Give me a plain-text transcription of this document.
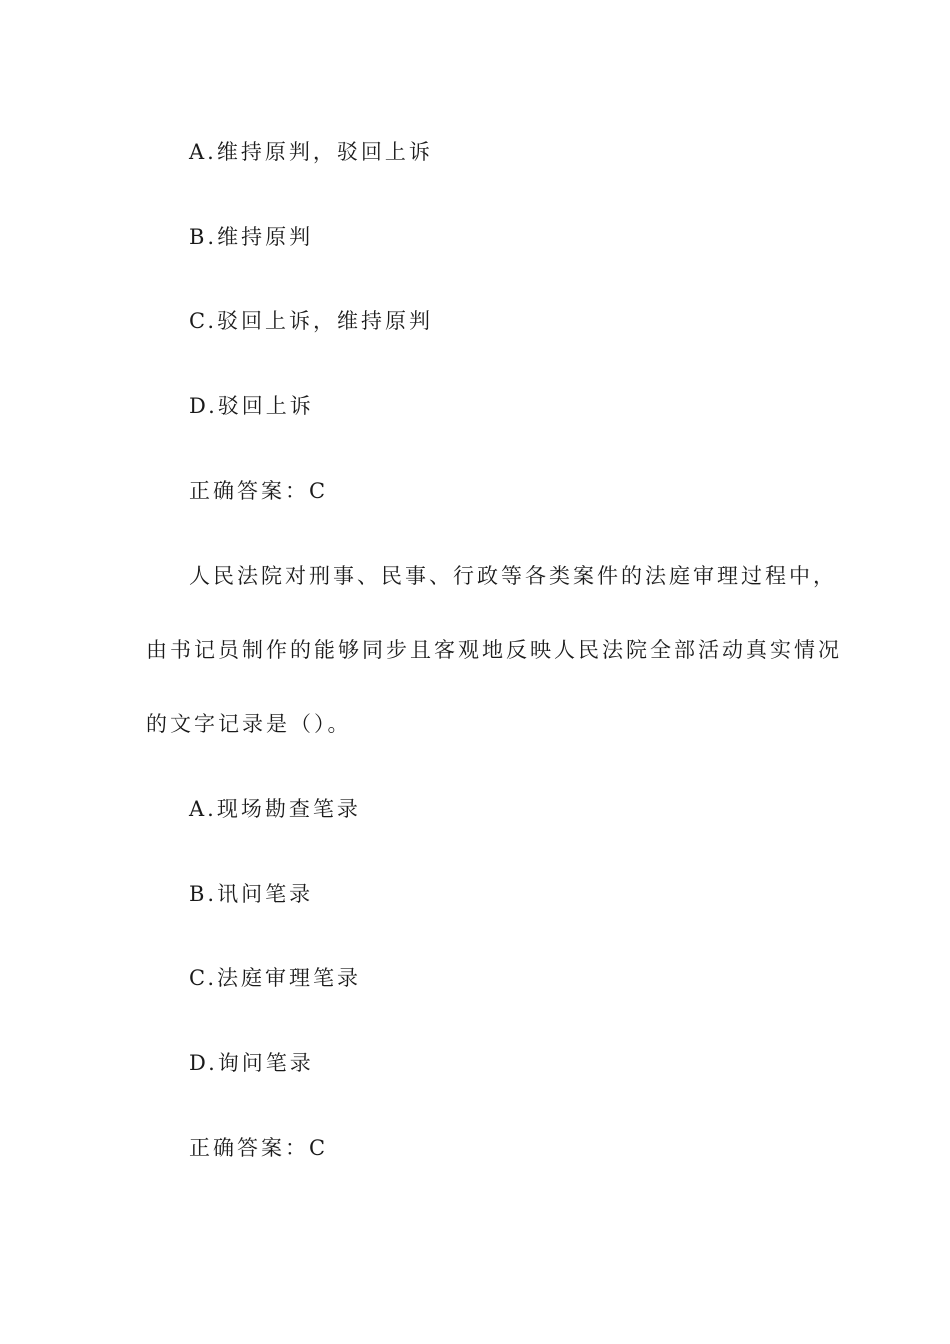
A.维持原判，驳回上诉
B.维持原判
C.驳回上诉，维持原判
D.驳回上诉
正确答案：C
人民法院对刑事、民事、行政等各类案件的法庭审理过程中，
由书记员制作的能够同步且客观地反映人民法院全部活动真实情况
的文字记录是（）。
A.现场勘查笔录
B.讯问笔录
C.法庭审理笔录
D.询问笔录
正确答案：C
